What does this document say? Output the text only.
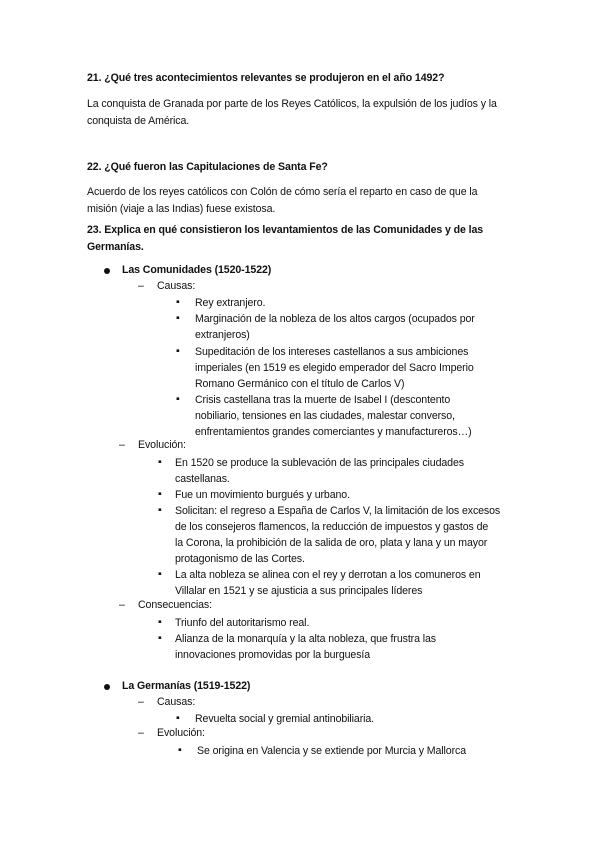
21. ¿Qué tres acontecimientos relevantes se produjeron en el año 1492?
La conquista de Granada por parte de los Reyes Católicos, la expulsión de los judíos y la
conquista de América.
22. ¿Qué fueron las Capitulaciones de Santa Fe?
Acuerdo de los reyes católicos con Colón de cómo sería el reparto en caso de que la
misión (viaje a las Indias) fuese existosa.
23. Explica en qué consistieron los levantamientos de las Comunidades y de las
Germanías.
Las Comunidades (1520-1522)
– Causas:
▪ Rey extranjero.
▪ Marginación de la nobleza de los altos cargos (ocupados por
extranjeros)
▪ Supeditación de los intereses castellanos a sus ambiciones
imperiales (en 1519 es elegido emperador del Sacro Imperio
Romano Germánico con el título de Carlos V)
▪ Crisis castellana tras la muerte de Isabel I (descontento
nobiliario, tensiones en las ciudades, malestar converso,
enfrentamientos grandes comerciantes y manufactureros…)
– Evolución:
▪ En 1520 se produce la sublevación de las principales ciudades
castellanas.
▪ Fue un movimiento burgués y urbano.
▪ Solicitan: el regreso a España de Carlos V, la limitación de los excesos
de los consejeros flamencos, la reducción de impuestos y gastos de
la Corona, la prohibición de la salida de oro, plata y lana y un mayor
protagonismo de las Cortes.
▪ La alta nobleza se alinea con el rey y derrotan a los comuneros en
Villalar en 1521 y se ajusticia a sus principales líderes
– Consecuencias:
▪ Triunfo del autoritarismo real.
▪ Alianza de la monarquía y la alta nobleza, que frustra las
innovaciones promovidas por la burguesía
La Germanías (1519-1522)
– Causas:
▪ Revuelta social y gremial antinobiliaria.
– Evolución:
▪ Se origina en Valencia y se extiende por Murcia y Mallorca
